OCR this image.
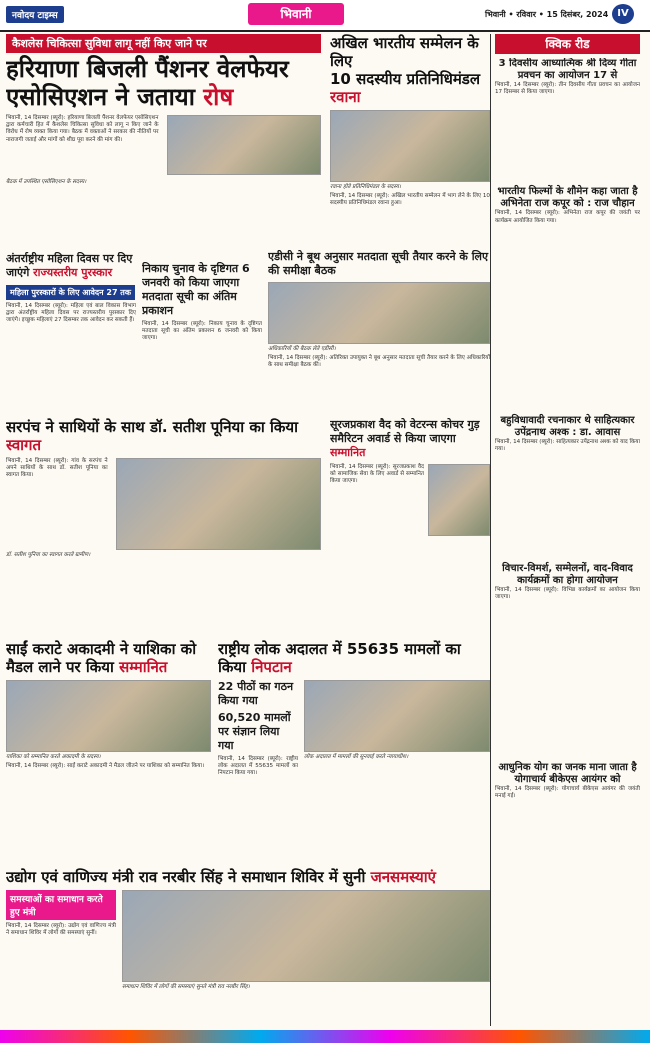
नवोदय टाइम्स	भिवानी	भिवानी • रविवार • 15 दिसंबर, 2024 IV
कैशलेस चिकित्सा सुविधा लागू नहीं किए जाने पर
हरियाणा बिजली पैंशनर वेलफेयर
एसोसिएशन ने जताया रोष
भिवानी, 14 दिसम्बर (ब्यूरो): हरियाणा बिजली पैंशनर वेलफेयर एसोसिएशन द्वारा कर्मचारी हित में कैशलेस चिकित्सा सुविधा को लागू न किए जाने के विरोध में रोष व्यक्त किया गया। बैठक में वक्ताओं ने सरकार की नीतियों पर नाराजगी जताई और मांगों को शीघ्र पूरा करने की मांग की।
बैठक में उपस्थित एसोसिएशन के सदस्य।
अखिल भारतीय सम्मेलन के लिए
10 सदस्यीय प्रतिनिधिमंडल रवाना
रवाना होते प्रतिनिधिमंडल के सदस्य।
भिवानी, 14 दिसम्बर (ब्यूरो): अखिल भारतीय सम्मेलन में भाग लेने के लिए 10 सदस्यीय प्रतिनिधिमंडल रवाना हुआ।
क्विक रीड
3 दिवसीय आध्यात्मिक श्री दिव्य गीता प्रवचन का आयोजन 17 से
भिवानी, 14 दिसम्बर (ब्यूरो): तीन दिवसीय गीता प्रवचन का आयोजन 17 दिसम्बर से किया जाएगा।
भारतीय फिल्मों के शौमेन कहा जाता है अभिनेता राज कपूर को : राज चौहान
भिवानी, 14 दिसम्बर (ब्यूरो): अभिनेता राज कपूर की जयंती पर कार्यक्रम आयोजित किया गया।
बहुविधावादी रचनाकार थे साहित्यकार उपेंद्रनाथ अश्क : डा. आवास
भिवानी, 14 दिसम्बर (ब्यूरो): साहित्यकार उपेंद्रनाथ अश्क को याद किया गया।
विचार-विमर्श, सम्मेलनों, वाद-विवाद कार्यक्रमों का होगा आयोजन
भिवानी, 14 दिसम्बर (ब्यूरो): विभिन्न कार्यक्रमों का आयोजन किया जाएगा।
आधुनिक योग का जनक माना जाता है योगाचार्य बीकेएस आयंगर को
भिवानी, 14 दिसम्बर (ब्यूरो): योगाचार्य बीकेएस आयंगर की जयंती मनाई गई।
अंतर्राष्ट्रीय महिला दिवस पर दिए
जाएंगे राज्यस्तरीय पुरस्कार
महिला पुरस्कारों के लिए आवेदन 27 तक
भिवानी, 14 दिसम्बर (ब्यूरो): महिला एवं बाल विकास विभाग द्वारा अंतर्राष्ट्रीय महिला दिवस पर राज्यस्तरीय पुरस्कार दिए जाएंगे। इच्छुक महिलाएं 27 दिसम्बर तक आवेदन कर सकती हैं।
निकाय चुनाव के दृष्टिगत 6 जनवरी को किया जाएगा मतदाता सूची का अंतिम प्रकाशन
भिवानी, 14 दिसम्बर (ब्यूरो): निकाय चुनाव के दृष्टिगत मतदाता सूची का अंतिम प्रकाशन 6 जनवरी को किया जाएगा।
एडीसी ने बूथ अनुसार मतदाता सूची तैयार करने के लिए की समीक्षा बैठक
अधिकारियों की बैठक लेते एडीसी।
भिवानी, 14 दिसम्बर (ब्यूरो): अतिरिक्त उपायुक्त ने बूथ अनुसार मतदाता सूची तैयार करने के लिए अधिकारियों के साथ समीक्षा बैठक की।
सरपंच ने साथियों के साथ डॉ. सतीश पूनिया का किया स्वागत
भिवानी, 14 दिसम्बर (ब्यूरो): गांव के सरपंच ने अपने साथियों के साथ डॉ. सतीश पूनिया का स्वागत किया।
डॉ. सतीश पूनिया का स्वागत करते ग्रामीण।
सूरजप्रकाश वैद को वेटरन्स कोचर गुड़
समैरिटन अवार्ड से किया जाएगा सम्मानित
भिवानी, 14 दिसम्बर (ब्यूरो): सूरजप्रकाश वैद को सामाजिक सेवा के लिए अवार्ड से सम्मानित किया जाएगा।
साईं कराटे अकादमी ने याशिका को
मैडल लाने पर किया सम्मानित
याशिका को सम्मानित करते अकादमी के सदस्य।
भिवानी, 14 दिसम्बर (ब्यूरो): साईं कराटे अकादमी ने मैडल जीतने पर याशिका को सम्मानित किया।
राष्ट्रीय लोक अदालत में 55635 मामलों का किया निपटान
22 पीठों का गठन किया गया
60,520 मामलों पर संज्ञान लिया गया
भिवानी, 14 दिसम्बर (ब्यूरो): राष्ट्रीय लोक अदालत में 55635 मामलों का निपटान किया गया।
लोक अदालत में मामलों की सुनवाई करते न्यायाधीश।
उद्योग एवं वाणिज्य मंत्री राव नरबीर सिंह ने समाधान शिविर में सुनी जनसमस्याएं
समस्याओं का समाधान करते हुए मंत्री
भिवानी, 14 दिसम्बर (ब्यूरो): उद्योग एवं वाणिज्य मंत्री ने समाधान शिविर में लोगों की समस्याएं सुनीं।
समाधान शिविर में लोगों की समस्याएं सुनते मंत्री राव नरबीर सिंह।
